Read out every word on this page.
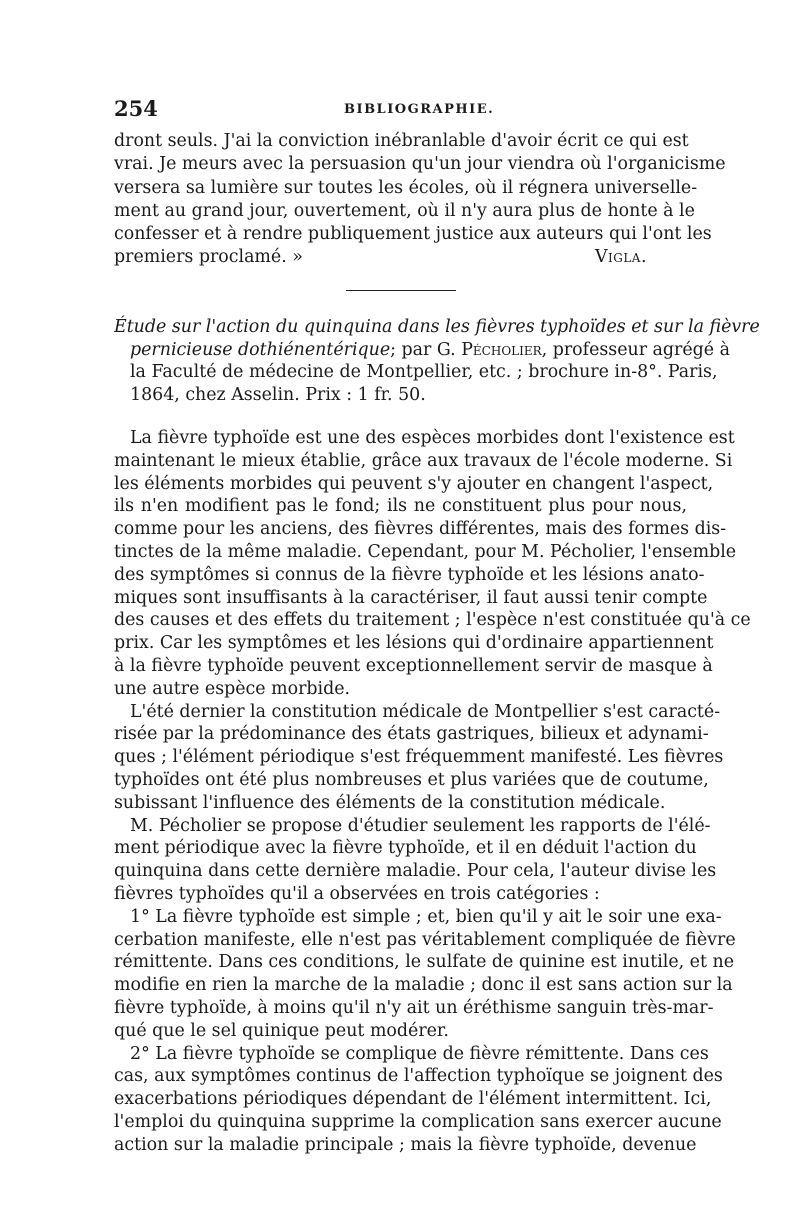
254	BIBLIOGRAPHIE.
dront seuls. J'ai la conviction inébranlable d'avoir écrit ce qui est
vrai. Je meurs avec la persuasion qu'un jour viendra où l'organicisme
versera sa lumière sur toutes les écoles, où il régnera universelle-
ment au grand jour, ouvertement, où il n'y aura plus de honte à le
confesser et à rendre publiquement justice aux auteurs qui l'ont les
premiers proclamé. »	Vigla.
Étude sur l'action du quinquina dans les fièvres typhoïdes et sur la fièvre
pernicieuse dothiénentérique; par G. Pécholier, professeur agrégé à
la Faculté de médecine de Montpellier, etc. ; brochure in-8°. Paris,
1864, chez Asselin. Prix : 1 fr. 50.
La fièvre typhoïde est une des espèces morbides dont l'existence est
maintenant le mieux établie, grâce aux travaux de l'école moderne. Si
les éléments morbides qui peuvent s'y ajouter en changent l'aspect,
ils n'en modifient pas le fond; ils ne constituent plus pour nous,
comme pour les anciens, des fièvres différentes, mais des formes dis-
tinctes de la même maladie. Cependant, pour M. Pécholier, l'ensemble
des symptômes si connus de la fièvre typhoïde et les lésions anato-
miques sont insuffisants à la caractériser, il faut aussi tenir compte
des causes et des effets du traitement ; l'espèce n'est constituée qu'à ce
prix. Car les symptômes et les lésions qui d'ordinaire appartiennent
à la fièvre typhoïde peuvent exceptionnellement servir de masque à
une autre espèce morbide.
L'été dernier la constitution médicale de Montpellier s'est caracté-
risée par la prédominance des états gastriques, bilieux et adynami-
ques ; l'élément périodique s'est fréquemment manifesté. Les fièvres
typhoïdes ont été plus nombreuses et plus variées que de coutume,
subissant l'influence des éléments de la constitution médicale.
M. Pécholier se propose d'étudier seulement les rapports de l'élé-
ment périodique avec la fièvre typhoïde, et il en déduit l'action du
quinquina dans cette dernière maladie. Pour cela, l'auteur divise les
fièvres typhoïdes qu'il a observées en trois catégories :
1° La fièvre typhoïde est simple ; et, bien qu'il y ait le soir une exa-
cerbation manifeste, elle n'est pas véritablement compliquée de fièvre
rémittente. Dans ces conditions, le sulfate de quinine est inutile, et ne
modifie en rien la marche de la maladie ; donc il est sans action sur la
fièvre typhoïde, à moins qu'il n'y ait un éréthisme sanguin très-mar-
qué que le sel quinique peut modérer.
2° La fièvre typhoïde se complique de fièvre rémittente. Dans ces
cas, aux symptômes continus de l'affection typhoïque se joignent des
exacerbations périodiques dépendant de l'élément intermittent. Ici,
l'emploi du quinquina supprime la complication sans exercer aucune
action sur la maladie principale ; mais la fièvre typhoïde, devenue
